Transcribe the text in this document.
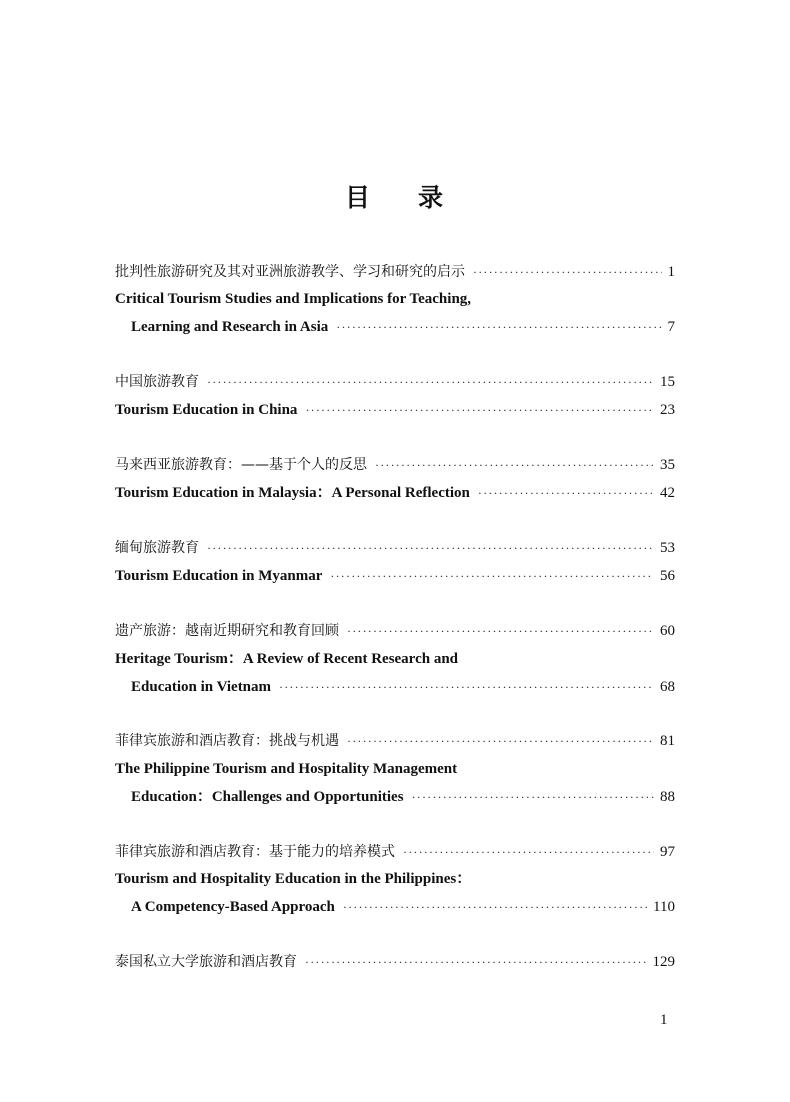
目 录
批判性旅游研究及其对亚洲旅游教学、学习和研究的启示 ·····	1
Critical Tourism Studies and Implications for Teaching,
Learning and Research in Asia ·····	7
中国旅游教育 ·····	15
Tourism Education in China ·····	23
马来西亚旅游教育：——基于个人的反思 ·····	35
Tourism Education in Malaysia：A Personal Reflection ·····	42
缅甸旅游教育 ·····	53
Tourism Education in Myanmar ·····	56
遗产旅游：越南近期研究和教育回顾 ·····	60
Heritage Tourism：A Review of Recent Research and
Education in Vietnam ·····	68
菲律宾旅游和酒店教育：挑战与机遇 ·····	81
The Philippine Tourism and Hospitality Management
Education：Challenges and Opportunities ·····	88
菲律宾旅游和酒店教育：基于能力的培养模式 ·····	97
Tourism and Hospitality Education in the Philippines：
A Competency-Based Approach ·····	110
泰国私立大学旅游和酒店教育 ·····	129
1
